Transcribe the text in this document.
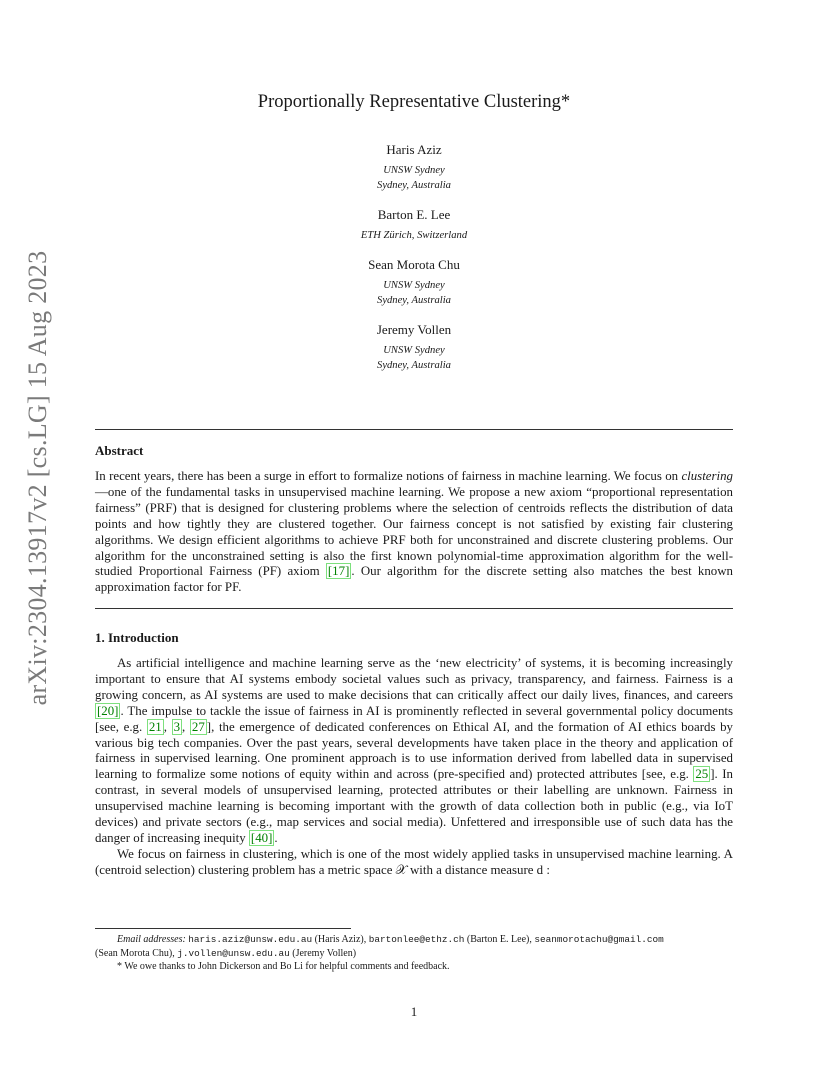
arXiv:2304.13917v2 [cs.LG] 15 Aug 2023
Proportionally Representative Clustering*
Haris Aziz
UNSW Sydney
Sydney, Australia
Barton E. Lee
ETH Zürich, Switzerland
Sean Morota Chu
UNSW Sydney
Sydney, Australia
Jeremy Vollen
UNSW Sydney
Sydney, Australia
Abstract

In recent years, there has been a surge in effort to formalize notions of fairness in machine learning. We focus on clustering—one of the fundamental tasks in unsupervised machine learning. We propose a new axiom “proportional representation fairness” (PRF) that is designed for clustering problems where the selection of centroids reflects the distribution of data points and how tightly they are clustered together. Our fairness concept is not satisfied by existing fair clustering algorithms. We design efficient algorithms to achieve PRF both for unconstrained and discrete clustering problems. Our algorithm for the unconstrained setting is also the first known polynomial-time approximation algorithm for the well-studied Proportional Fairness (PF) axiom [17] . Our algorithm for the discrete setting also matches the best known approximation factor for PF.

1. Introduction

As artificial intelligence and machine learning serve as the ‘new electricity’ of systems, it is becoming increasingly important to ensure that AI systems embody societal values such as privacy, transparency, and fairness. Fairness is a growing concern, as AI systems are used to make decisions that can critically affect our daily lives, finances, and careers [20] . The impulse to tackle the issue of fairness in AI is prominently reflected in several governmental policy documents [see, e.g. 21 , 3 , 27 ], the emergence of dedicated conferences on Ethical AI, and the formation of AI ethics boards by various big tech companies. Over the past years, several developments have taken place in the theory and application of fairness in supervised learning. One prominent approach is to use information derived from labelled data in supervised learning to formalize some notions of equity within and across (pre-specified and) protected attributes [see, e.g. 25 ]. In contrast, in several models of unsupervised learning, protected attributes or their labelling are unknown. Fairness in unsupervised machine learning is becoming important with the growth of data collection both in public (e.g., via IoT devices) and private sectors (e.g., map services and social media). Unfettered and irresponsible use of such data has the danger of increasing inequity [40] .

We focus on fairness in clustering, which is one of the most widely applied tasks in unsupervised machine learning. A (centroid selection) clustering problem has a metric space 𝒳 with a distance measure d :

Email addresses: haris.aziz@unsw.edu.au (Haris Aziz), bartonlee@ethz.ch (Barton E. Lee), seanmorotachu@gmail.com
(Sean Morota Chu), j.vollen@unsw.edu.au (Jeremy Vollen)
* We owe thanks to John Dickerson and Bo Li for helpful comments and feedback.
1
